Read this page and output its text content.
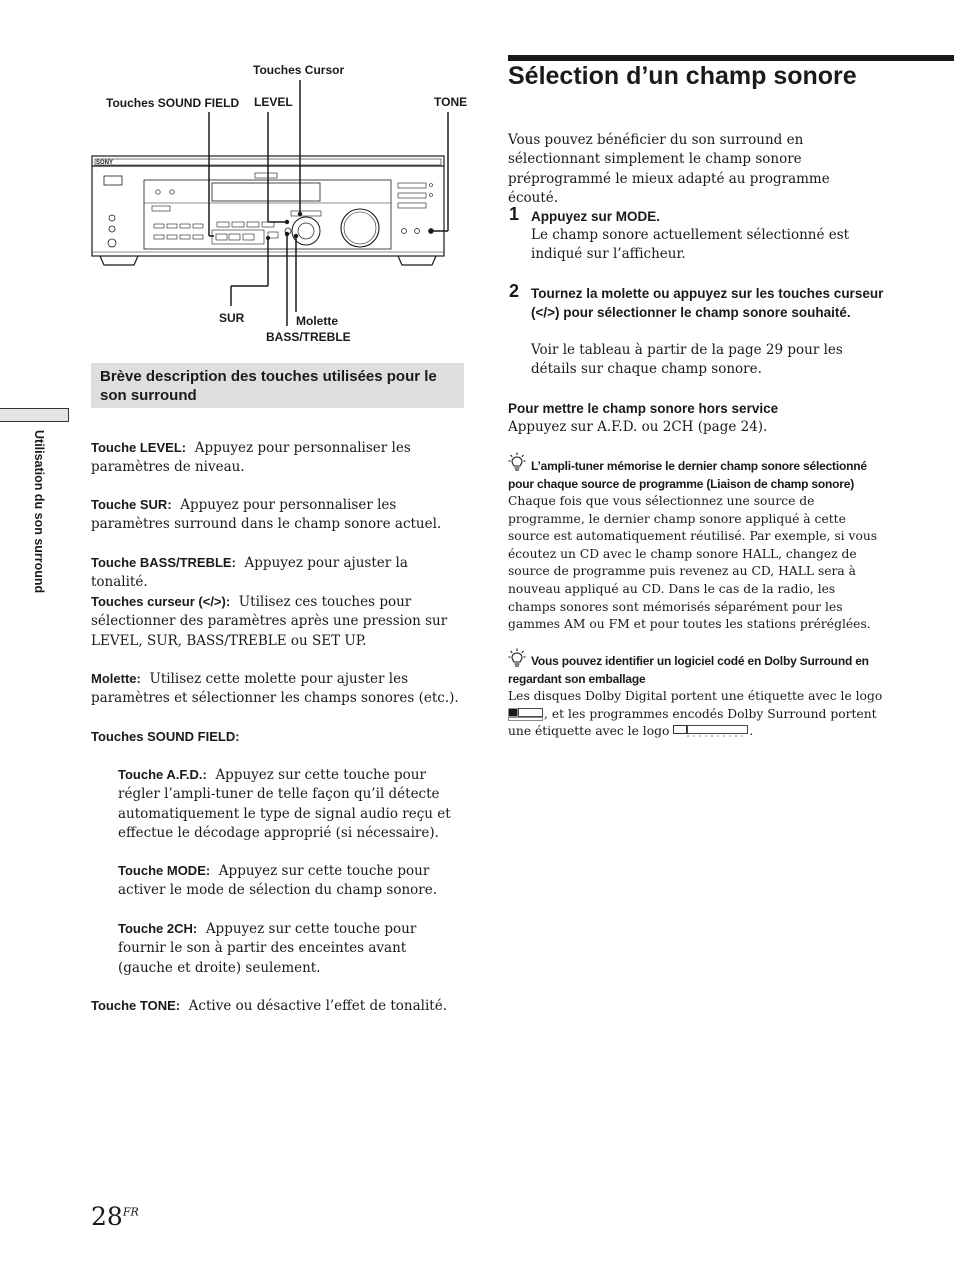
SONY
Touches Cursor
Touches SOUND FIELD LEVEL	TONE
SUR	Molette
BASS/TREBLE
Brève description des touches utilisées pour le son surround
Touche LEVEL: Appuyez pour personnaliser les paramètres de niveau.
Touche SUR: Appuyez pour personnaliser les paramètres surround dans le champ sonore actuel.
Touche BASS/TREBLE: Appuyez pour ajuster la tonalité.
Touches curseur (</>): Utilisez ces touches pour sélectionner des paramètres après une pression sur LEVEL, SUR, BASS/TREBLE ou SET UP.
Molette: Utilisez cette molette pour ajuster les paramètres et sélectionner les champs sonores (etc.).
Touches SOUND FIELD:
Touche A.F.D.: Appuyez sur cette touche pour régler l’ampli-tuner de telle façon qu’il détecte automatiquement le type de signal audio reçu et effectue le décodage approprié (si nécessaire).
Touche MODE: Appuyez sur cette touche pour activer le mode de sélection du champ sonore.
Touche 2CH: Appuyez sur cette touche pour fournir le son à partir des enceintes avant (gauche et droite) seulement.
Touche TONE: Active ou désactive l’effet de tonalité.
Utilisation du son surround
$28^{FR}$
Sélection d’un champ sonore
Vous pouvez bénéficier du son surround en sélectionnant simplement le champ sonore préprogrammé le mieux adapté au programme écouté.
1 Appuyez sur MODE.
Le champ sonore actuellement sélectionné est indiqué sur l’afficheur.
2 Tournez la molette ou appuyez sur les touches curseur (</>) pour sélectionner le champ sonore souhaité.
Voir le tableau à partir de la page 29 pour les détails sur chaque champ sonore.
Pour mettre le champ sonore hors service
Appuyez sur A.F.D. ou 2CH (page 24).
L’ampli-tuner mémorise le dernier champ sonore sélectionné pour chaque source de programme (Liaison de champ sonore)
Chaque fois que vous sélectionnez une source de programme, le dernier champ sonore appliqué à cette source est automatiquement réutilisé. Par exemple, si vous écoutez un CD avec le champ sonore HALL, changez de source de programme puis revenez au CD, HALL sera à nouveau appliqué au CD. Dans le cas de la radio, les champs sonores sont mémorisés séparément pour les gammes AM ou FM et pour toutes les stations préréglées.
Vous pouvez identifier un logiciel codé en Dolby Surround en regardant son emballage
Les disques Dolby Digital portent une étiquette avec le logo
, et les programmes encodés Dolby Surround portent une étiquette avec le logo	.
